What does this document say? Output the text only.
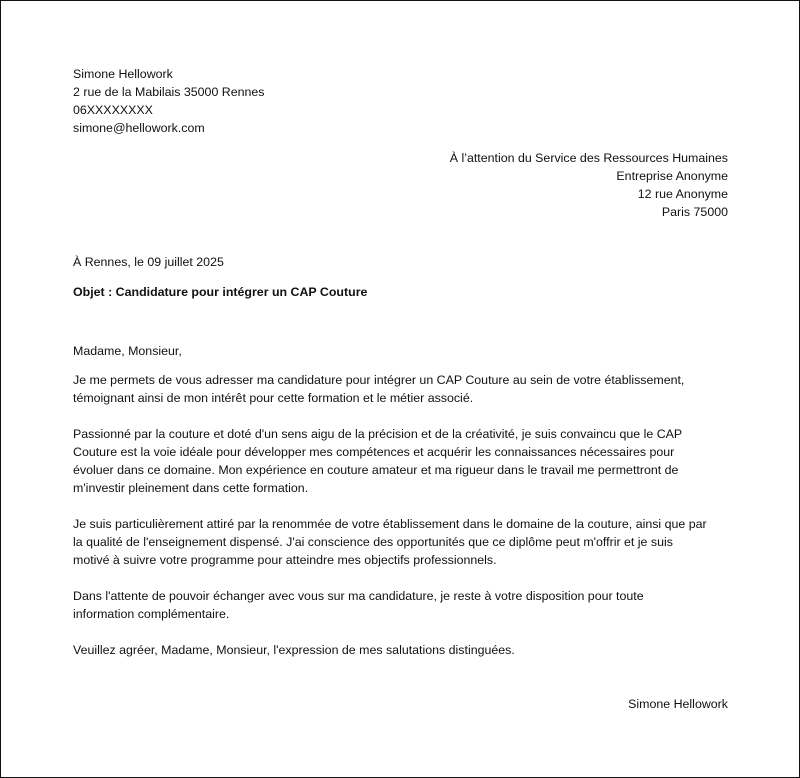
Simone Hellowork
2 rue de la Mabilais 35000 Rennes
06XXXXXXXX
simone@hellowork.com
À l’attention du Service des Ressources Humaines
Entreprise Anonyme
12 rue Anonyme
Paris 75000
À Rennes, le 09 juillet 2025
Objet : Candidature pour intégrer un CAP Couture
Madame, Monsieur,

Je me permets de vous adresser ma candidature pour intégrer un CAP Couture au sein de votre établissement,
témoignant ainsi de mon intérêt pour cette formation et le métier associé.

Passionné par la couture et doté d'un sens aigu de la précision et de la créativité, je suis convaincu que le CAP
Couture est la voie idéale pour développer mes compétences et acquérir les connaissances nécessaires pour
évoluer dans ce domaine. Mon expérience en couture amateur et ma rigueur dans le travail me permettront de
m'investir pleinement dans cette formation.

Je suis particulièrement attiré par la renommée de votre établissement dans le domaine de la couture, ainsi que par
la qualité de l'enseignement dispensé. J'ai conscience des opportunités que ce diplôme peut m'offrir et je suis
motivé à suivre votre programme pour atteindre mes objectifs professionnels.

Dans l'attente de pouvoir échanger avec vous sur ma candidature, je reste à votre disposition pour toute
information complémentaire.

Veuillez agréer, Madame, Monsieur, l'expression de mes salutations distinguées.
Simone Hellowork
